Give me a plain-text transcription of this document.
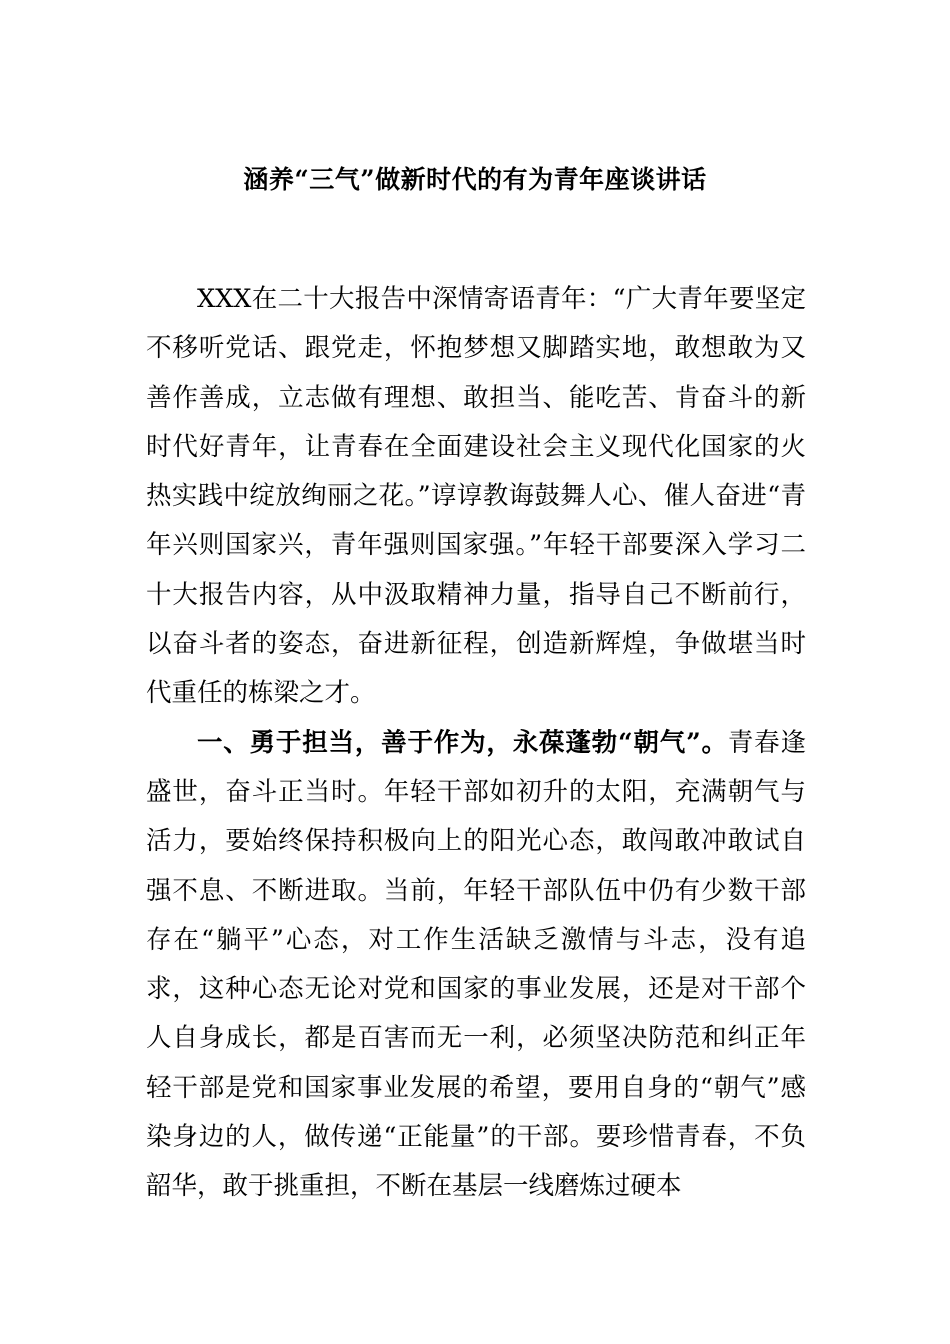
涵养“三气”做新时代的有为青年座谈讲话

XXX在二十大报告中深情寄语青年：“广大青年要坚定不移听党话、跟党走，怀抱梦想又脚踏实地，敢想敢为又善作善成，立志做有理想、敢担当、能吃苦、肯奋斗的新时代好青年，让青春在全面建设社会主义现代化国家的火热实践中绽放绚丽之花。”谆谆教诲鼓舞人心、催人奋进“青年兴则国家兴，青年强则国家强。”年轻干部要深入学习二十大报告内容，从中汲取精神力量，指导自己不断前行，以奋斗者的姿态，奋进新征程，创造新辉煌，争做堪当时代重任的栋梁之才。

一、勇于担当，善于作为，永葆蓬勃“朝气”。青春逢盛世，奋斗正当时。年轻干部如初升的太阳，充满朝气与活力，要始终保持积极向上的阳光心态，敢闯敢冲敢试自强不息、不断进取。当前，年轻干部队伍中仍有少数干部存在“躺平”心态，对工作生活缺乏激情与斗志，没有追求，这种心态无论对党和国家的事业发展，还是对干部个人自身成长，都是百害而无一利，必须坚决防范和纠正年轻干部是党和国家事业发展的希望，要用自身的“朝气”感染身边的人，做传递“正能量”的干部。要珍惜青春，不负韶华，敢于挑重担，不断在基层一线磨炼过硬本
